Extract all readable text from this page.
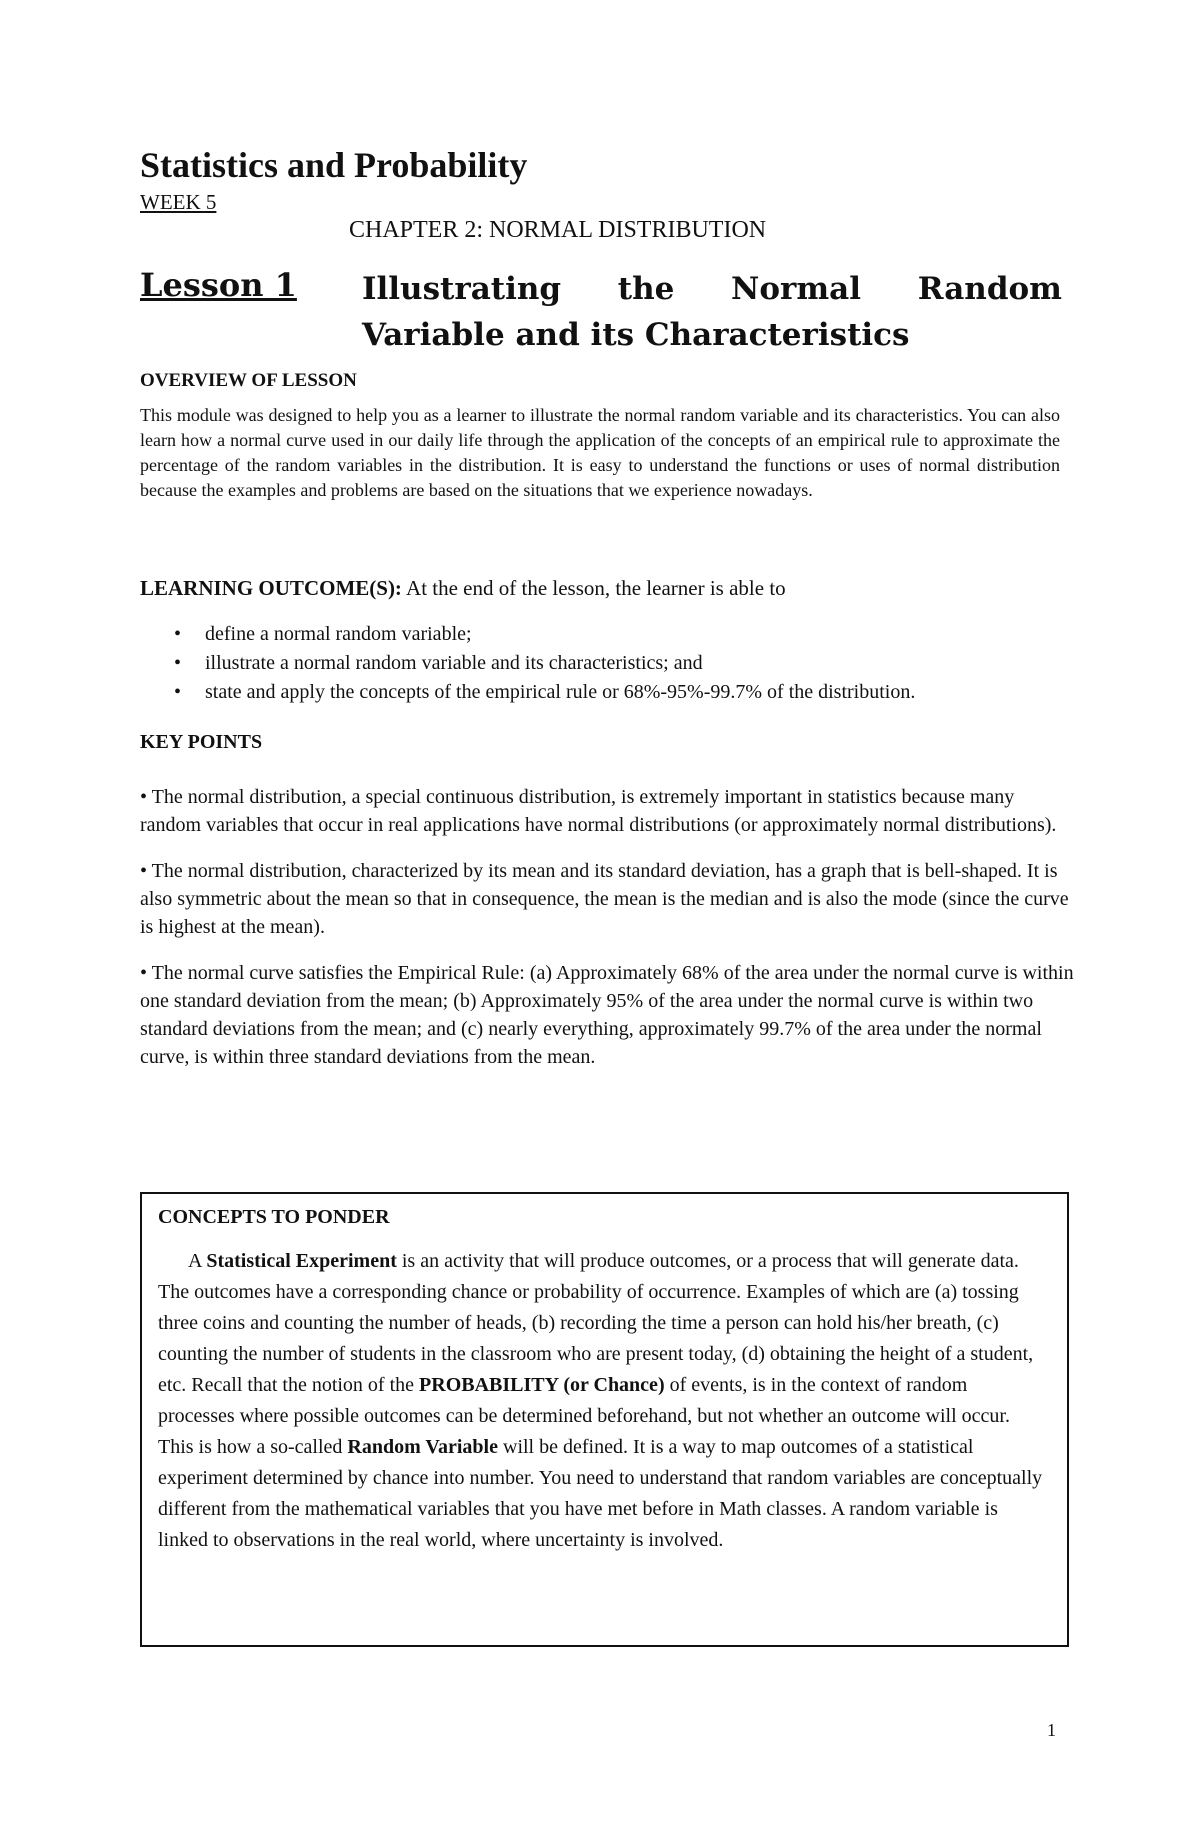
Statistics and Probability
WEEK 5
CHAPTER 2: NORMAL DISTRIBUTION
Lesson 1 Illustrating the Normal Random Variable and its Characteristics
OVERVIEW OF LESSON

This module was designed to help you as a learner to illustrate the normal random variable and its characteristics. You can also learn how a normal curve used in our daily life through the application of the concepts of an empirical rule to approximate the percentage of the random variables in the distribution. It is easy to understand the functions or uses of normal distribution because the examples and problems are based on the situations that we experience nowadays.

LEARNING OUTCOME(S): At the end of the lesson, the learner is able to

• define a normal random variable;
• illustrate a normal random variable and its characteristics; and
• state and apply the concepts of the empirical rule or 68%-95%-99.7% of the distribution.
KEY POINTS

• The normal distribution, a special continuous distribution, is extremely important in statistics because many random variables that occur in real applications have normal distributions (or approximately normal distributions).

• The normal distribution, characterized by its mean and its standard deviation, has a graph that is bell-shaped. It is also symmetric about the mean so that in consequence, the mean is the median and is also the mode (since the curve is highest at the mean).

• The normal curve satisfies the Empirical Rule: (a) Approximately 68% of the area under the normal curve is within one standard deviation from the mean; (b) Approximately 95% of the area under the normal curve is within two standard deviations from the mean; and (c) nearly everything, approximately 99.7% of the area under the normal curve, is within three standard deviations from the mean.

CONCEPTS TO PONDER

A Statistical Experiment is an activity that will produce outcomes, or a process that will generate data. The outcomes have a corresponding chance or probability of occurrence. Examples of which are (a) tossing three coins and counting the number of heads, (b) recording the time a person can hold his/her breath, (c) counting the number of students in the classroom who are present today, (d) obtaining the height of a student, etc. Recall that the notion of the PROBABILITY (or Chance) of events, is in the context of random processes where possible outcomes can be determined beforehand, but not whether an outcome will occur. This is how a so-called Random Variable will be defined. It is a way to map outcomes of a statistical experiment determined by chance into number. You need to understand that random variables are conceptually different from the mathematical variables that you have met before in Math classes. A random variable is linked to observations in the real world, where uncertainty is involved.

1
